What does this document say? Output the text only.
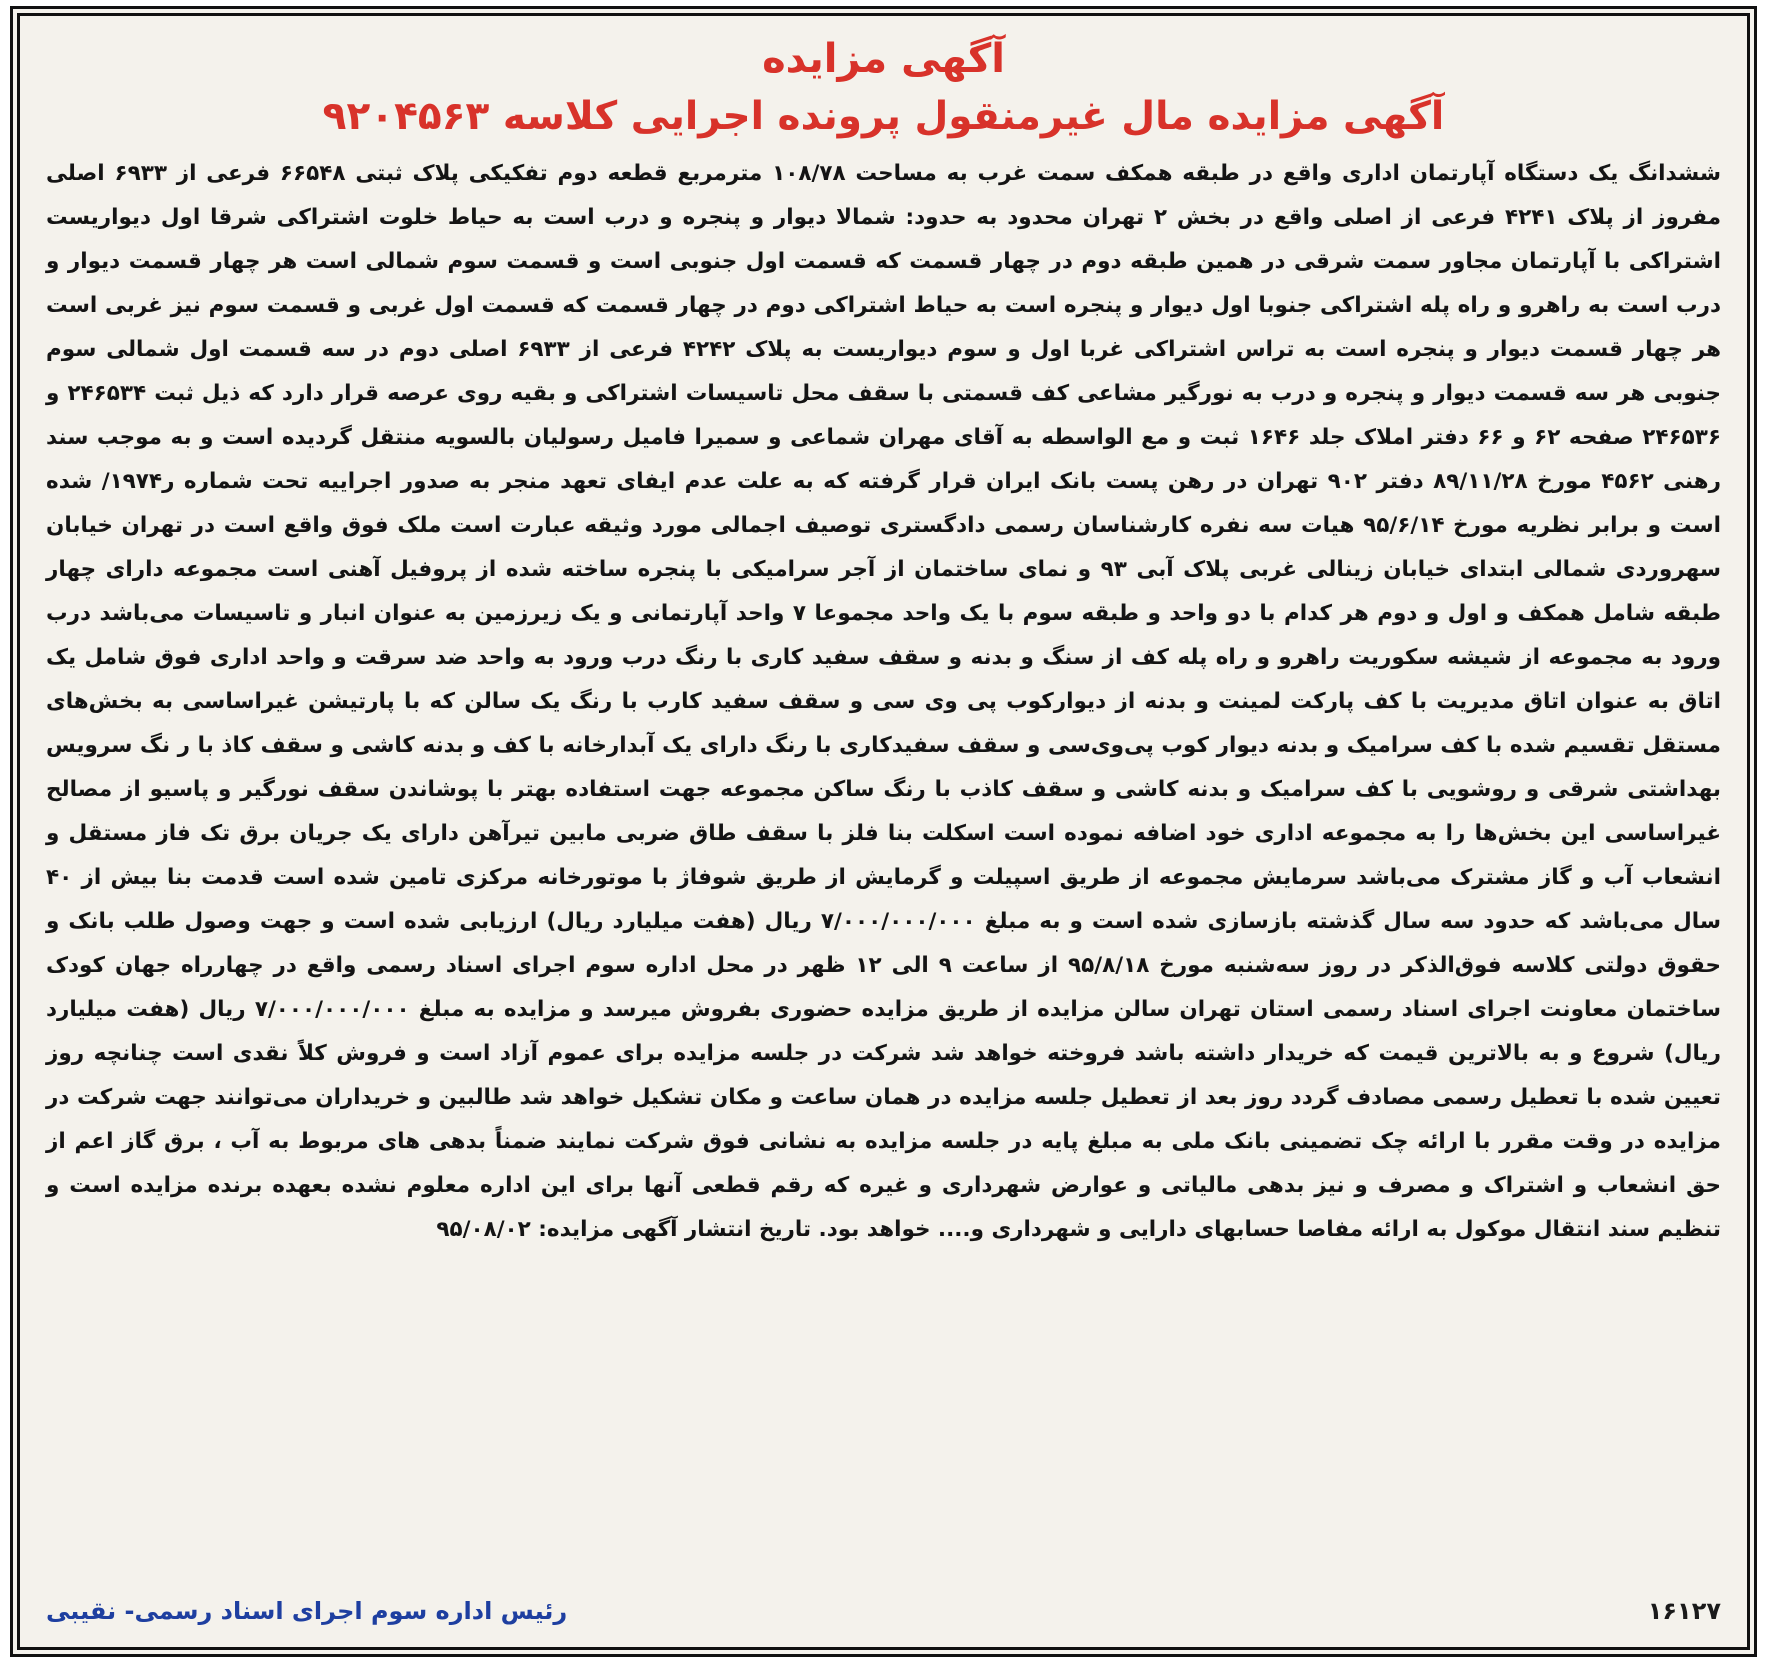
آگهی مزایده
آگهی مزایده مال غیرمنقول پرونده اجرایی کلاسه ۹۲۰۴۵۶۳

ششدانگ یک دستگاه آپارتمان اداری واقع در طبقه همکف سمت غرب به مساحت ۱۰۸/۷۸ مترمربع قطعه دوم تفکیکی پلاک ثبتی ۶۶۵۴۸ فرعی از ۶۹۳۳ اصلی مفروز از پلاک ۴۲۴۱ فرعی از اصلی واقع در بخش ۲ تهران محدود به حدود: شمالا دیوار و پنجره و درب است به حیاط خلوت اشتراکی شرقا اول دیواریست اشتراکی با آپارتمان مجاور سمت شرقی در همین طبقه دوم در چهار قسمت که قسمت اول جنوبی است و قسمت سوم شمالی است هر چهار قسمت دیوار و درب است به راهرو و راه پله اشتراکی جنوبا اول دیوار و پنجره است به حیاط اشتراکی دوم در چهار قسمت که قسمت اول غربی و قسمت سوم نیز غربی است هر چهار قسمت دیوار و پنجره است به تراس اشتراکی غربا اول و سوم دیواریست به پلاک ۴۲۴۲ فرعی از ۶۹۳۳ اصلی دوم در سه قسمت اول شمالی سوم جنوبی هر سه قسمت دیوار و پنجره و درب به نورگیر مشاعی کف قسمتی با سقف محل تاسیسات اشتراکی و بقیه روی عرصه قرار دارد که ذیل ثبت ۲۴۶۵۳۴ و ۲۴۶۵۳۶ صفحه ۶۲ و ۶۶ دفتر املاک جلد ۱۶۴۶ ثبت و مع الواسطه به آقای مهران شماعی و سمیرا فامیل رسولیان بالسویه منتقل گردیده است و به موجب سند رهنی ۴۵۶۲ مورخ ۸۹/۱۱/۲۸ دفتر ۹۰۲ تهران در رهن پست بانک ایران قرار گرفته که به علت عدم ایفای تعهد منجر به صدور اجراییه تحت شماره ر۱۹۷۴/ شده است و برابر نظریه مورخ ۹۵/۶/۱۴ هیات سه نفره کارشناسان رسمی دادگستری توصیف اجمالی مورد وثیقه عبارت است ملک فوق واقع است در تهران خیابان سهروردی شمالی ابتدای خیابان زینالی غربی پلاک آبی ۹۳ و نمای ساختمان از آجر سرامیکی با پنجره ساخته شده از پروفیل آهنی است مجموعه دارای چهار طبقه شامل همکف و اول و دوم هر کدام با دو واحد و طبقه سوم با یک واحد مجموعا ۷ واحد آپارتمانی و یک زیرزمین به عنوان انبار و تاسیسات می‌باشد درب ورود به مجموعه از شیشه سکوریت راهرو و راه پله کف از سنگ و بدنه و سقف سفید کاری با رنگ درب ورود به واحد ضد سرقت و واحد اداری فوق شامل یک اتاق به عنوان اتاق مدیریت با کف پارکت لمینت و بدنه از دیوارکوب پی وی سی و سقف سفید کارب با رنگ یک سالن که با پارتیشن غیراساسی به بخش‌های مستقل تقسیم شده با کف سرامیک و بدنه دیوار کوب پی‌وی‌سی و سقف سفیدکاری با رنگ دارای یک آبدارخانه با کف و بدنه کاشی و سقف کاذ با ر نگ سرویس بهداشتی شرقی و روشویی با کف سرامیک و بدنه کاشی و سقف کاذب با رنگ ساکن مجموعه جهت استفاده بهتر با پوشاندن سقف نورگیر و پاسیو از مصالح غیراساسی این بخش‌ها را به مجموعه اداری خود اضافه نموده است اسکلت بنا فلز با سقف طاق ضربی مابین تیرآهن دارای یک جریان برق تک فاز مستقل و انشعاب آب و گاز مشترک می‌باشد سرمایش مجموعه از طریق اسپیلت و گرمایش از طریق شوفاژ با موتورخانه مرکزی تامین شده است قدمت بنا بیش از ۴۰ سال می‌باشد که حدود سه سال گذشته بازسازی شده است و به مبلغ ۷/۰۰۰/۰۰۰/۰۰۰ ریال (هفت میلیارد ریال) ارزیابی شده است و جهت وصول طلب بانک و حقوق دولتی کلاسه فوق‌الذکر در روز سه‌شنبه مورخ ۹۵/۸/۱۸ از ساعت ۹ الی ۱۲ ظهر در محل اداره سوم اجرای اسناد رسمی واقع در چهارراه جهان کودک ساختمان معاونت اجرای اسناد رسمی استان تهران سالن مزایده از طریق مزایده حضوری بفروش میرسد و مزایده به مبلغ ۷/۰۰۰/۰۰۰/۰۰۰ ریال (هفت میلیارد ریال) شروع و به بالاترین قیمت که خریدار داشته باشد فروخته خواهد شد شرکت در جلسه مزایده برای عموم آزاد است و فروش کلاً نقدی است چنانچه روز تعیین شده با تعطیل رسمی مصادف گردد روز بعد از تعطیل جلسه مزایده در همان ساعت و مکان تشکیل خواهد شد طالبین و خریداران می‌توانند جهت شرکت در مزایده در وقت مقرر با ارائه چک تضمینی بانک ملی به مبلغ پایه در جلسه مزایده به نشانی فوق شرکت نمایند ضمناً بدهی های مربوط به آب ، برق گاز اعم از حق انشعاب و اشتراک و مصرف و نیز بدهی مالیاتی و عوارض شهرداری و غیره که رقم قطعی آنها برای این اداره معلوم نشده بعهده برنده مزایده است و تنظیم سند انتقال موکول به ارائه مفاصا حسابهای دارایی و شهرداری و.... خواهد بود. تاریخ انتشار آگهی مزایده: ۹۵/۰۸/۰۲

۱۶۱۲۷
رئیس اداره سوم اجرای اسناد رسمی- نقیبی
